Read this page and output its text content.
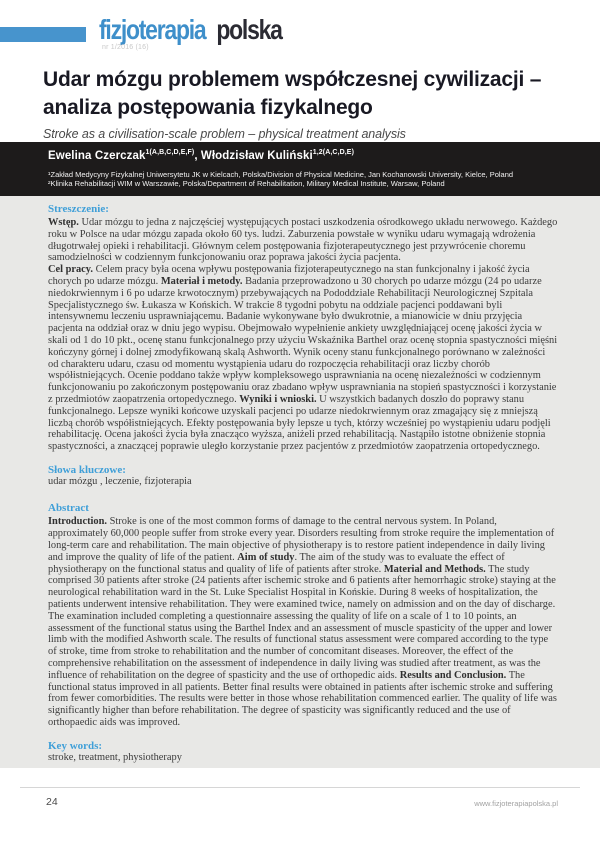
fizjoterapia polska
nr 1/2016 (16)
Udar mózgu problemem współczesnej cywilizacji –
analiza postępowania fizykalnego
Stroke as a civilisation-scale problem – physical treatment analysis
Ewelina Czerczak$^{1(A,B,C,D,E,F)}$, Włodzisław Kuliński$^{1,2(A,C,D,E)}$
¹Zakład Medycyny Fizykalnej Uniwersytetu JK w Kielcach, Polska/Division of Physical Medicine, Jan Kochanowski University, Kielce, Poland
²Klinika Rehabilitacji WIM w Warszawie, Polska/Department of Rehabilitation, Military Medical Institute, Warsaw, Poland
Streszczenie:

Wstęp. Udar mózgu to jedna z najczęściej występujących postaci uszkodzenia ośrodkowego układu nerwowego. Każdego roku w Polsce na udar mózgu zapada około 60 tys. ludzi. Zaburzenia powstałe w wyniku udaru wymagają wdrożenia długotrwałej opieki i rehabilitacji. Głównym celem postępowania fizjoterapeutycznego jest przywrócenie choremu samodzielności w codziennym funkcjonowaniu oraz poprawa jakości życia pacjenta.
Cel pracy. Celem pracy była ocena wpływu postępowania fizjoterapeutycznego na stan funkcjonalny i jakość życia chorych po udarze mózgu. Materiał i metody. Badania przeprowadzono u 30 chorych po udarze mózgu (24 po udarze niedokrwiennym i 6 po udarze krwotocznym) przebywających na Pododdziale Rehabilitacji Neurologicznej Szpitala Specjalistycznego św. Łukasza w Końskich. W trakcie 8 tygodni pobytu na oddziale pacjenci poddawani byli intensywnemu leczeniu usprawniającemu. Badanie wykonywane było dwukrotnie, a mianowicie w dniu przyjęcia pacjenta na oddział oraz w dniu jego wypisu. Obejmowało wypełnienie ankiety uwzględniającej ocenę jakości życia w skali od 1 do 10 pkt., ocenę stanu funkcjonalnego przy użyciu Wskaźnika Barthel oraz ocenę stopnia spastyczności mięśni kończyny górnej i dolnej zmodyfikowaną skalą Ashworth. Wynik oceny stanu funkcjonalnego porównano w zależności od charakteru udaru, czasu od momentu wystąpienia udaru do rozpoczęcia rehabilitacji oraz liczby chorób współistniejących. Ocenie poddano także wpływ kompleksowego usprawniania na ocenę niezależności w codziennym funkcjonowaniu po zakończonym postępowaniu oraz zbadano wpływ usprawniania na stopień spastyczności i korzystanie z przedmiotów zaopatrzenia ortopedycznego. Wyniki i wnioski. U wszystkich badanych doszło do poprawy stanu funkcjonalnego. Lepsze wyniki końcowe uzyskali pacjenci po udarze niedokrwiennym oraz zmagający się z mniejszą liczbą chorób współistniejących. Efekty postępowania były lepsze u tych, którzy wcześniej po wystąpieniu udaru podjęli rehabilitację. Ocena jakości życia była znacząco wyższa, aniżeli przed rehabilitacją. Nastąpiło istotne obniżenie stopnia spastyczności, a znaczącej poprawie uległo korzystanie przez pacjentów z przedmiotów zaopatrzenia ortopedycznego.

Słowa kluczowe:

udar mózgu , leczenie, fizjoterapia

Abstract

Introduction. Stroke is one of the most common forms of damage to the central nervous system. In Poland, approximately 60,000 people suffer from stroke every year. Disorders resulting from stroke require the implementation of long-term care and rehabilitation. The main objective of physiotherapy is to restore patient independence in daily living and improve the quality of life of the patient. Aim of study. The aim of the study was to evaluate the effect of physiotherapy on the functional status and quality of life of patients after stroke. Material and Methods. The study comprised 30 patients after stroke (24 patients after ischemic stroke and 6 patients after hemorrhagic stroke) staying at the neurological rehabilitation ward in the St. Luke Specialist Hospital in Końskie. During 8 weeks of hospitalization, the patients underwent intensive rehabilitation. They were examined twice, namely on admission and on the day of discharge. The examination included completing a questionnaire assessing the quality of life on a scale of 1 to 10 points, an assessment of the functional status using the Barthel Index and an assessment of muscle spasticity of the upper and lower limb with the modified Ashworth scale. The results of functional status assessment were compared according to the type of stroke, time from stroke to rehabilitation and the number of concomitant diseases. Moreover, the effect of the comprehensive rehabilitation on the assessment of independence in daily living was studied after treatment, as was the influence of rehabilitation on the degree of spasticity and the use of orthopedic aids. Results and Conclusion. The functional status improved in all patients. Better final results were obtained in patients after ischemic stroke and suffering from fewer comorbidities. The results were better in those whose rehabilitation commenced earlier. The quality of life was significantly higher than before rehabilitation. The degree of spasticity was significantly reduced and the use of orthopaedic aids was improved.

Key words:

stroke, treatment, physiotherapy

24	www.fizjoterapiapolska.pl
